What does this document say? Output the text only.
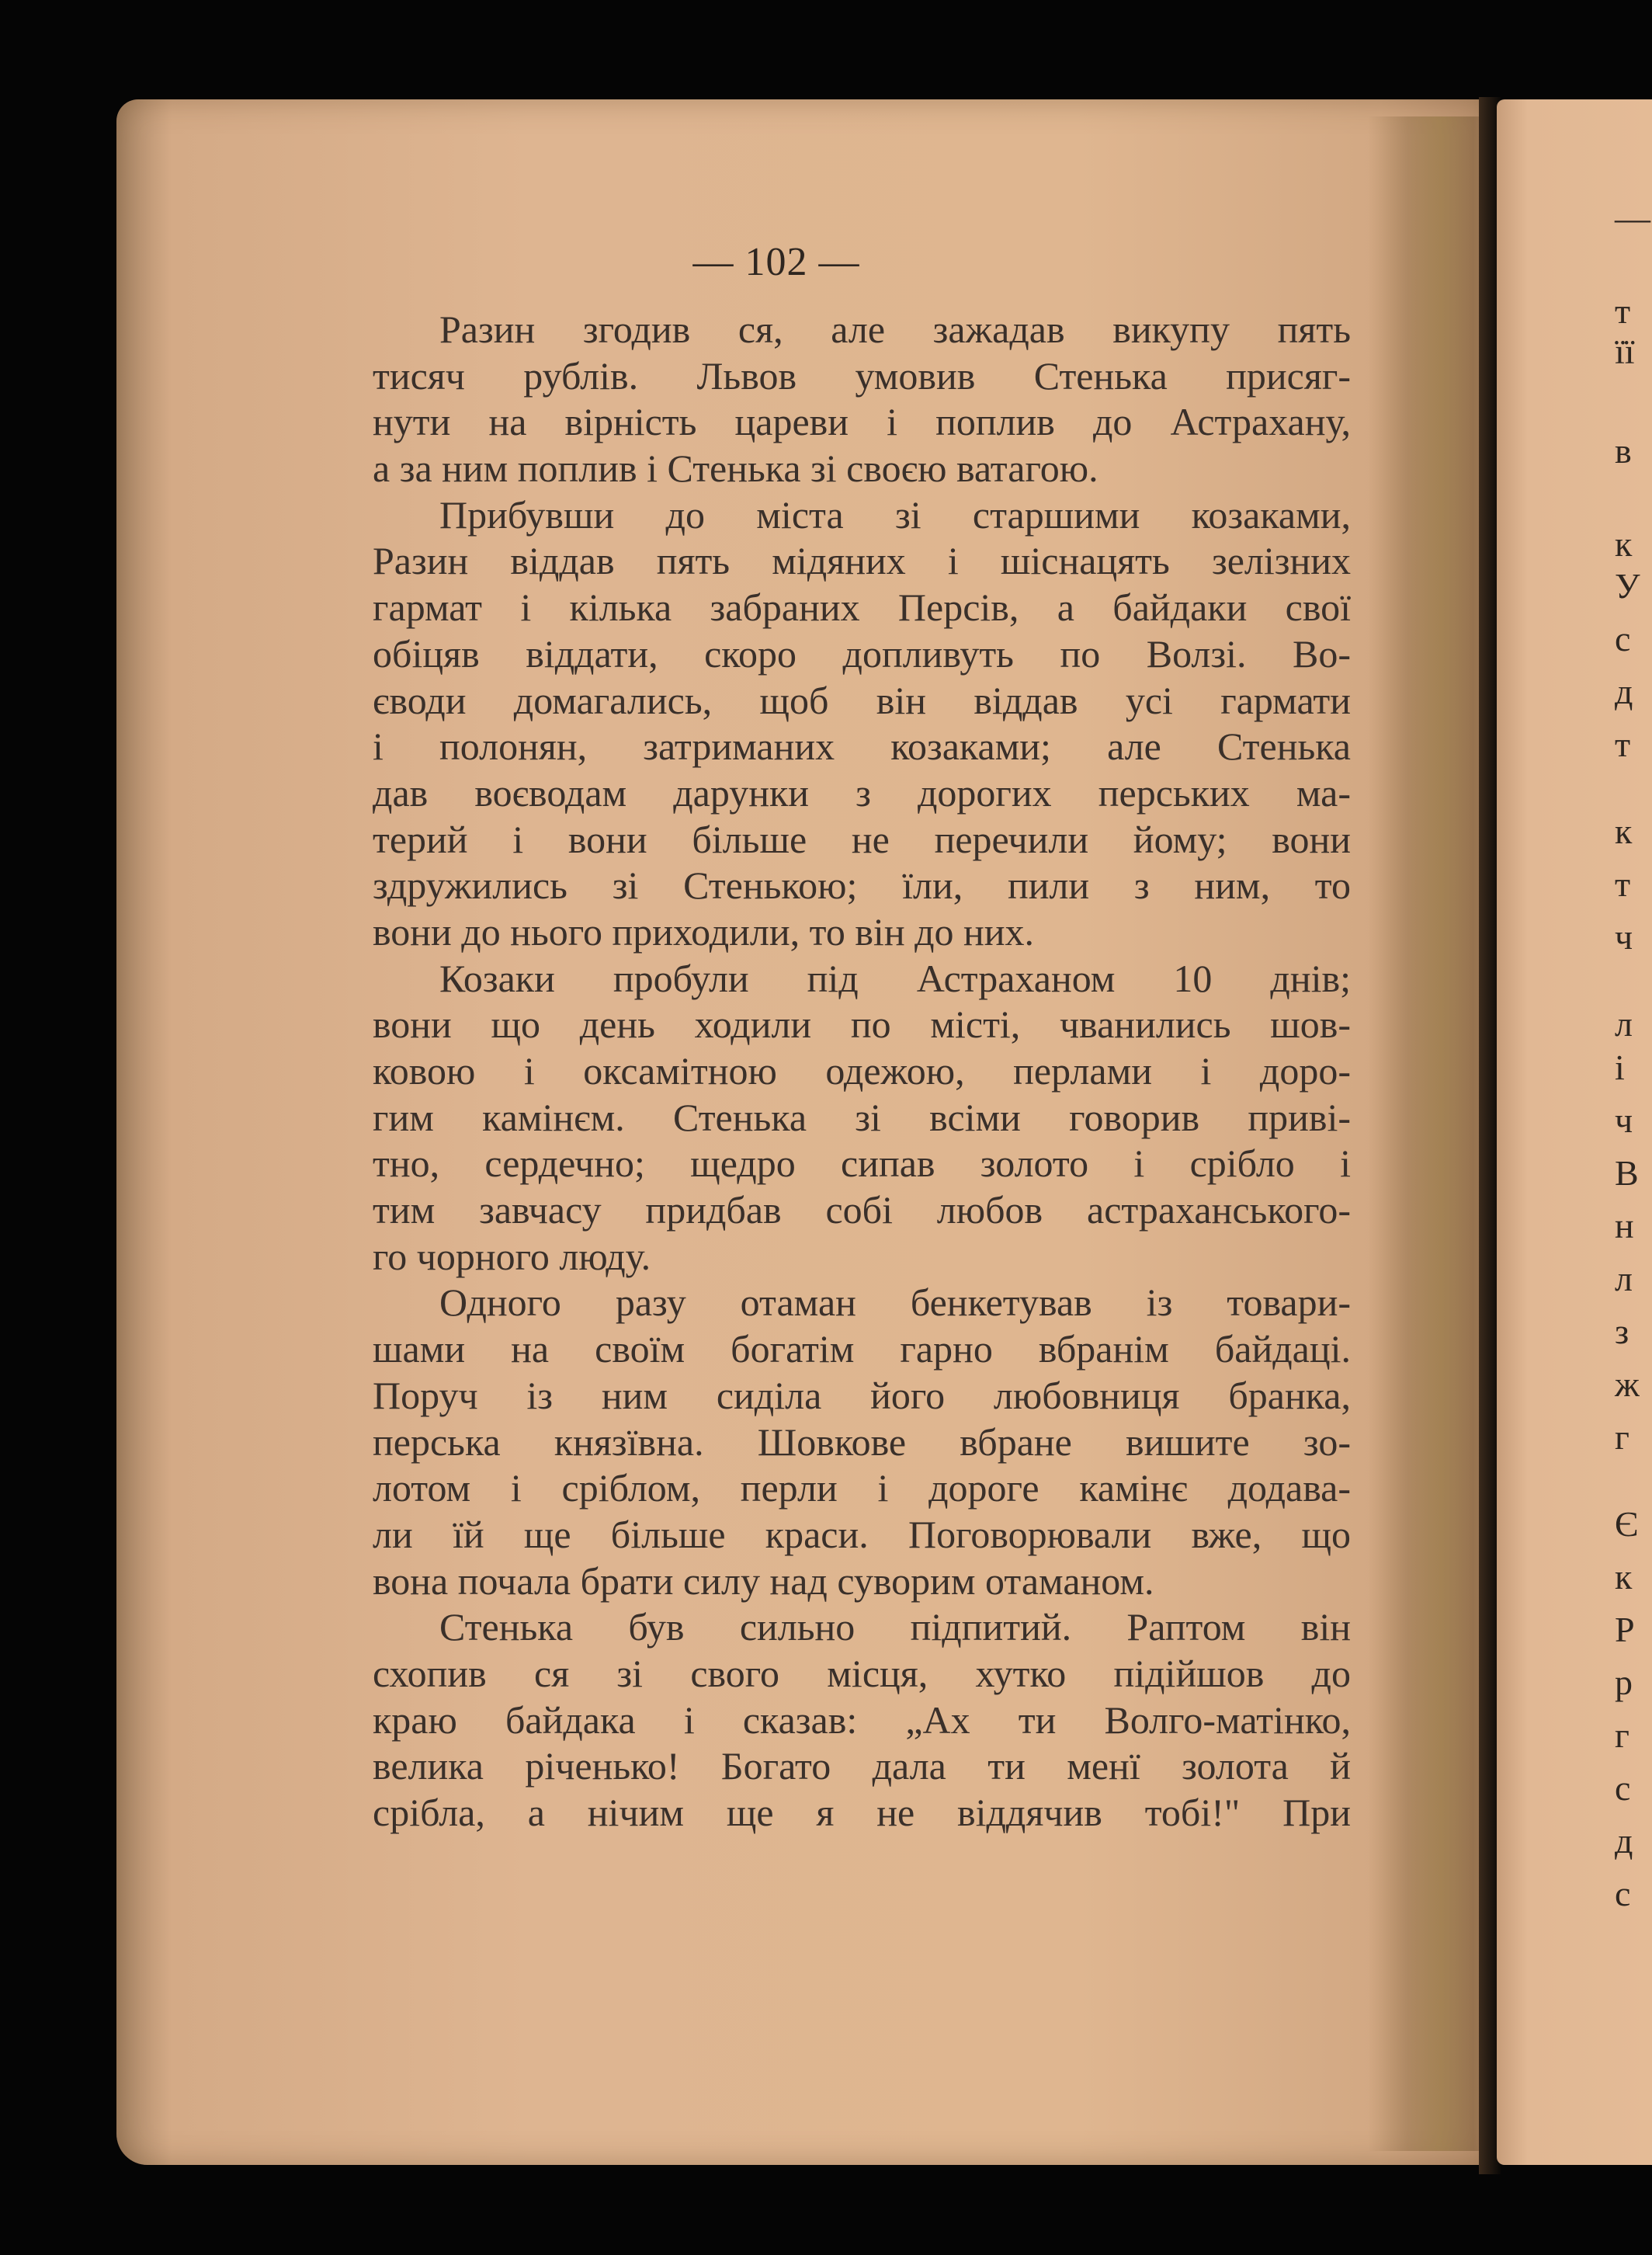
— 102 —
Разин згодив ся, але зажадав викупу пять
тисяч рублів. Львов умовив Стенька присяг-
нути на вірність цареви і поплив до Астрахану,
а за ним поплив і Стенька зі своєю ватагою.
Прибувши до міста зі старшими козаками,
Разин віддав пять мідяних і шіснацять зелізних
гармат і кілька забраних Персів, а байдаки свої
обіцяв віддати, скоро допливуть по Волзі. Во-
єводи домагались, щоб він віддав усі гармати
і полонян, затриманих козаками; але Стенька
дав воєводам дарунки з дорогих перських ма-
терий і вони більше не перечили йому; вони
здружились зі Стенькою; їли, пили з ним, то
вони до нього приходили, то він до них.
Козаки пробули під Астраханом 10 днів;
вони що день ходили по місті, чванились шов-
ковою і оксамітною одежою, перлами і доро-
гим камінєм. Стенька зі всіми говорив приві-
тно, сердечно; щедро сипав золото і срібло і
тим завчасу придбав собі любов астраханського-
го чорного люду.
Одного разу отаман бенкетував із товари-
шами на своїм богатім гарно вбранім байдаці.
Поруч із ним сиділа його любовниця бранка,
перська князївна. Шовкове вбране вишите зо-
лотом і сріблом, перли і дороге камінє додава-
ли їй ще більше краси. Поговорювали вже, що
вона почала брати силу над суворим отаманом.
Стенька був сильно підпитий. Раптом він
схопив ся зі свого місця, хутко підійшов до
краю байдака і сказав: „Ах ти Волго-матінко,
велика річенько! Богато дала ти менї золота й
срібла, а нічим ще я не віддячив тобі!" При
—
т
її
в
к
У
с
д
т
к
т
ч
л
і
ч
В
н
л
з
ж
г
Є
к
Р
р
г
с
д
с
